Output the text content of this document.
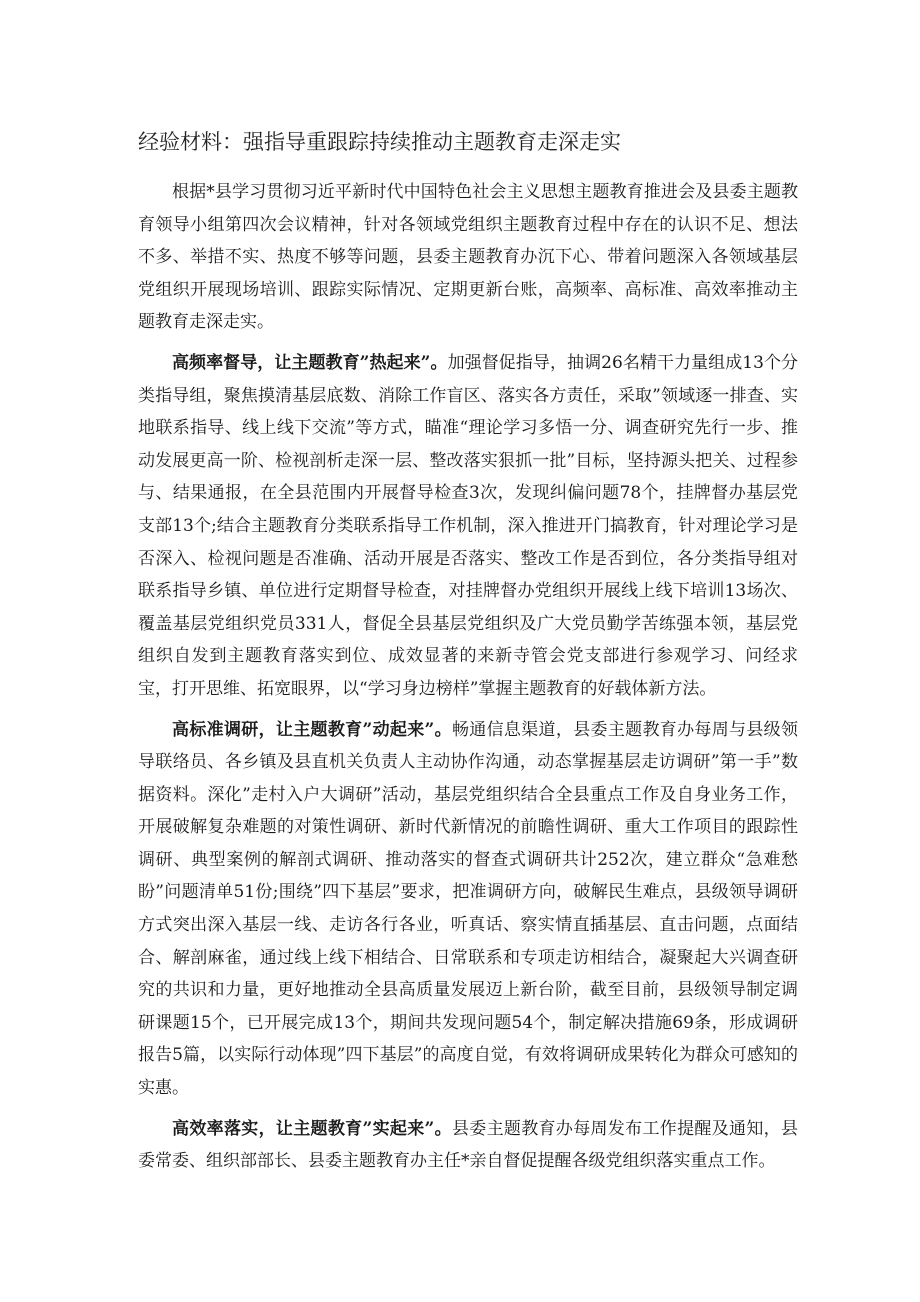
经验材料：强指导重跟踪持续推动主题教育走深走实

根据*县学习贯彻习近平新时代中国特色社会主义思想主题教育推进会及县委主题教育领导小组第四次会议精神，针对各领域党组织主题教育过程中存在的认识不足、想法不多、举措不实、热度不够等问题，县委主题教育办沉下心、带着问题深入各领域基层党组织开展现场培训、跟踪实际情况、定期更新台账，高频率、高标准、高效率推动主题教育走深走实。

高频率督导，让主题教育”热起来”。加强督促指导，抽调26名精干力量组成13个分类指导组，聚焦摸清基层底数、消除工作盲区、落实各方责任，采取”领域逐一排查、实地联系指导、线上线下交流”等方式，瞄准“理论学习多悟一分、调查研究先行一步、推动发展更高一阶、检视剖析走深一层、整改落实狠抓一批”目标，坚持源头把关、过程参与、结果通报，在全县范围内开展督导检查3次，发现纠偏问题78个，挂牌督办基层党支部13个;结合主题教育分类联系指导工作机制，深入推进开门搞教育，针对理论学习是否深入、检视问题是否准确、活动开展是否落实、整改工作是否到位，各分类指导组对联系指导乡镇、单位进行定期督导检查，对挂牌督办党组织开展线上线下培训13场次、覆盖基层党组织党员331人，督促全县基层党组织及广大党员勤学苦练强本领，基层党组织自发到主题教育落实到位、成效显著的来新寺管会党支部进行参观学习、问经求宝，打开思维、拓宽眼界，以“学习身边榜样”掌握主题教育的好载体新方法。

高标准调研，让主题教育”动起来”。畅通信息渠道，县委主题教育办每周与县级领导联络员、各乡镇及县直机关负责人主动协作沟通，动态掌握基层走访调研”第一手”数据资料。深化”走村入户大调研”活动，基层党组织结合全县重点工作及自身业务工作，开展破解复杂难题的对策性调研、新时代新情况的前瞻性调研、重大工作项目的跟踪性调研、典型案例的解剖式调研、推动落实的督查式调研共计252次，建立群众“急难愁盼”问题清单51份;围绕”四下基层”要求，把准调研方向，破解民生难点，县级领导调研方式突出深入基层一线、走访各行各业，听真话、察实情直插基层、直击问题，点面结合、解剖麻雀，通过线上线下相结合、日常联系和专项走访相结合，凝聚起大兴调查研究的共识和力量，更好地推动全县高质量发展迈上新台阶，截至目前，县级领导制定调研课题15个，已开展完成13个，期间共发现问题54个，制定解决措施69条，形成调研报告5篇，以实际行动体现”四下基层”的高度自觉，有效将调研成果转化为群众可感知的实惠。

高效率落实，让主题教育”实起来”。县委主题教育办每周发布工作提醒及通知，县委常委、组织部部长、县委主题教育办主任*亲自督促提醒各级党组织落实重点工作。
